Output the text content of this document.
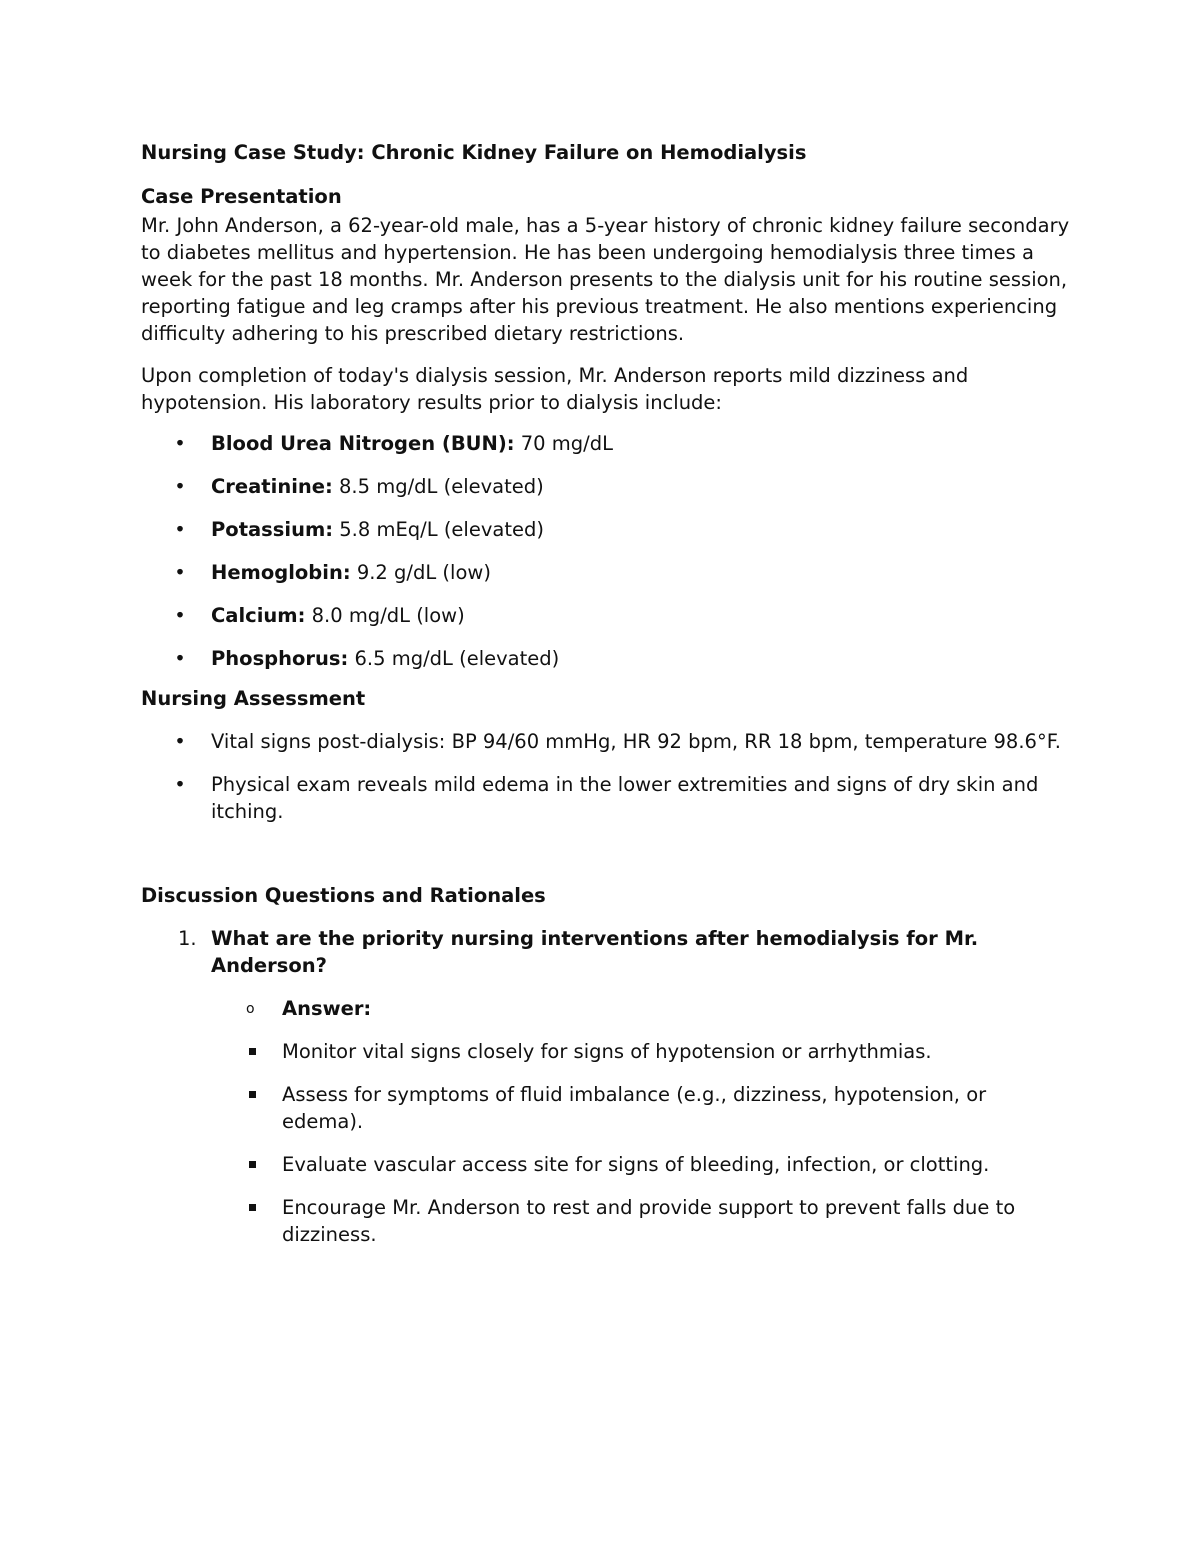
Nursing Case Study: Chronic Kidney Failure on Hemodialysis
Case Presentation

Mr. John Anderson, a 62-year-old male, has a 5-year history of chronic kidney failure secondary to diabetes mellitus and hypertension. He has been undergoing hemodialysis three times a week for the past 18 months. Mr. Anderson presents to the dialysis unit for his routine session, reporting fatigue and leg cramps after his previous treatment. He also mentions experiencing difficulty adhering to his prescribed dietary restrictions.

Upon completion of today's dialysis session, Mr. Anderson reports mild dizziness and hypotension. His laboratory results prior to dialysis include:

• Blood Urea Nitrogen (BUN): 70 mg/dL
• Creatinine: 8.5 mg/dL (elevated)
• Potassium: 5.8 mEq/L (elevated)
• Hemoglobin: 9.2 g/dL (low)
• Calcium: 8.0 mg/dL (low)
• Phosphorus: 6.5 mg/dL (elevated)
Nursing Assessment
• Vital signs post-dialysis: BP 94/60 mmHg, HR 92 bpm, RR 18 bpm, temperature 98.6°F.
• Physical exam reveals mild edema in the lower extremities and signs of dry skin and itching.
Discussion Questions and Rationales
1. What are the priority nursing interventions after hemodialysis for Mr. Anderson?
o Answer:
Monitor vital signs closely for signs of hypotension or arrhythmias.
Assess for symptoms of fluid imbalance (e.g., dizziness, hypotension, or edema).
Evaluate vascular access site for signs of bleeding, infection, or clotting.
Encourage Mr. Anderson to rest and provide support to prevent falls due to dizziness.
